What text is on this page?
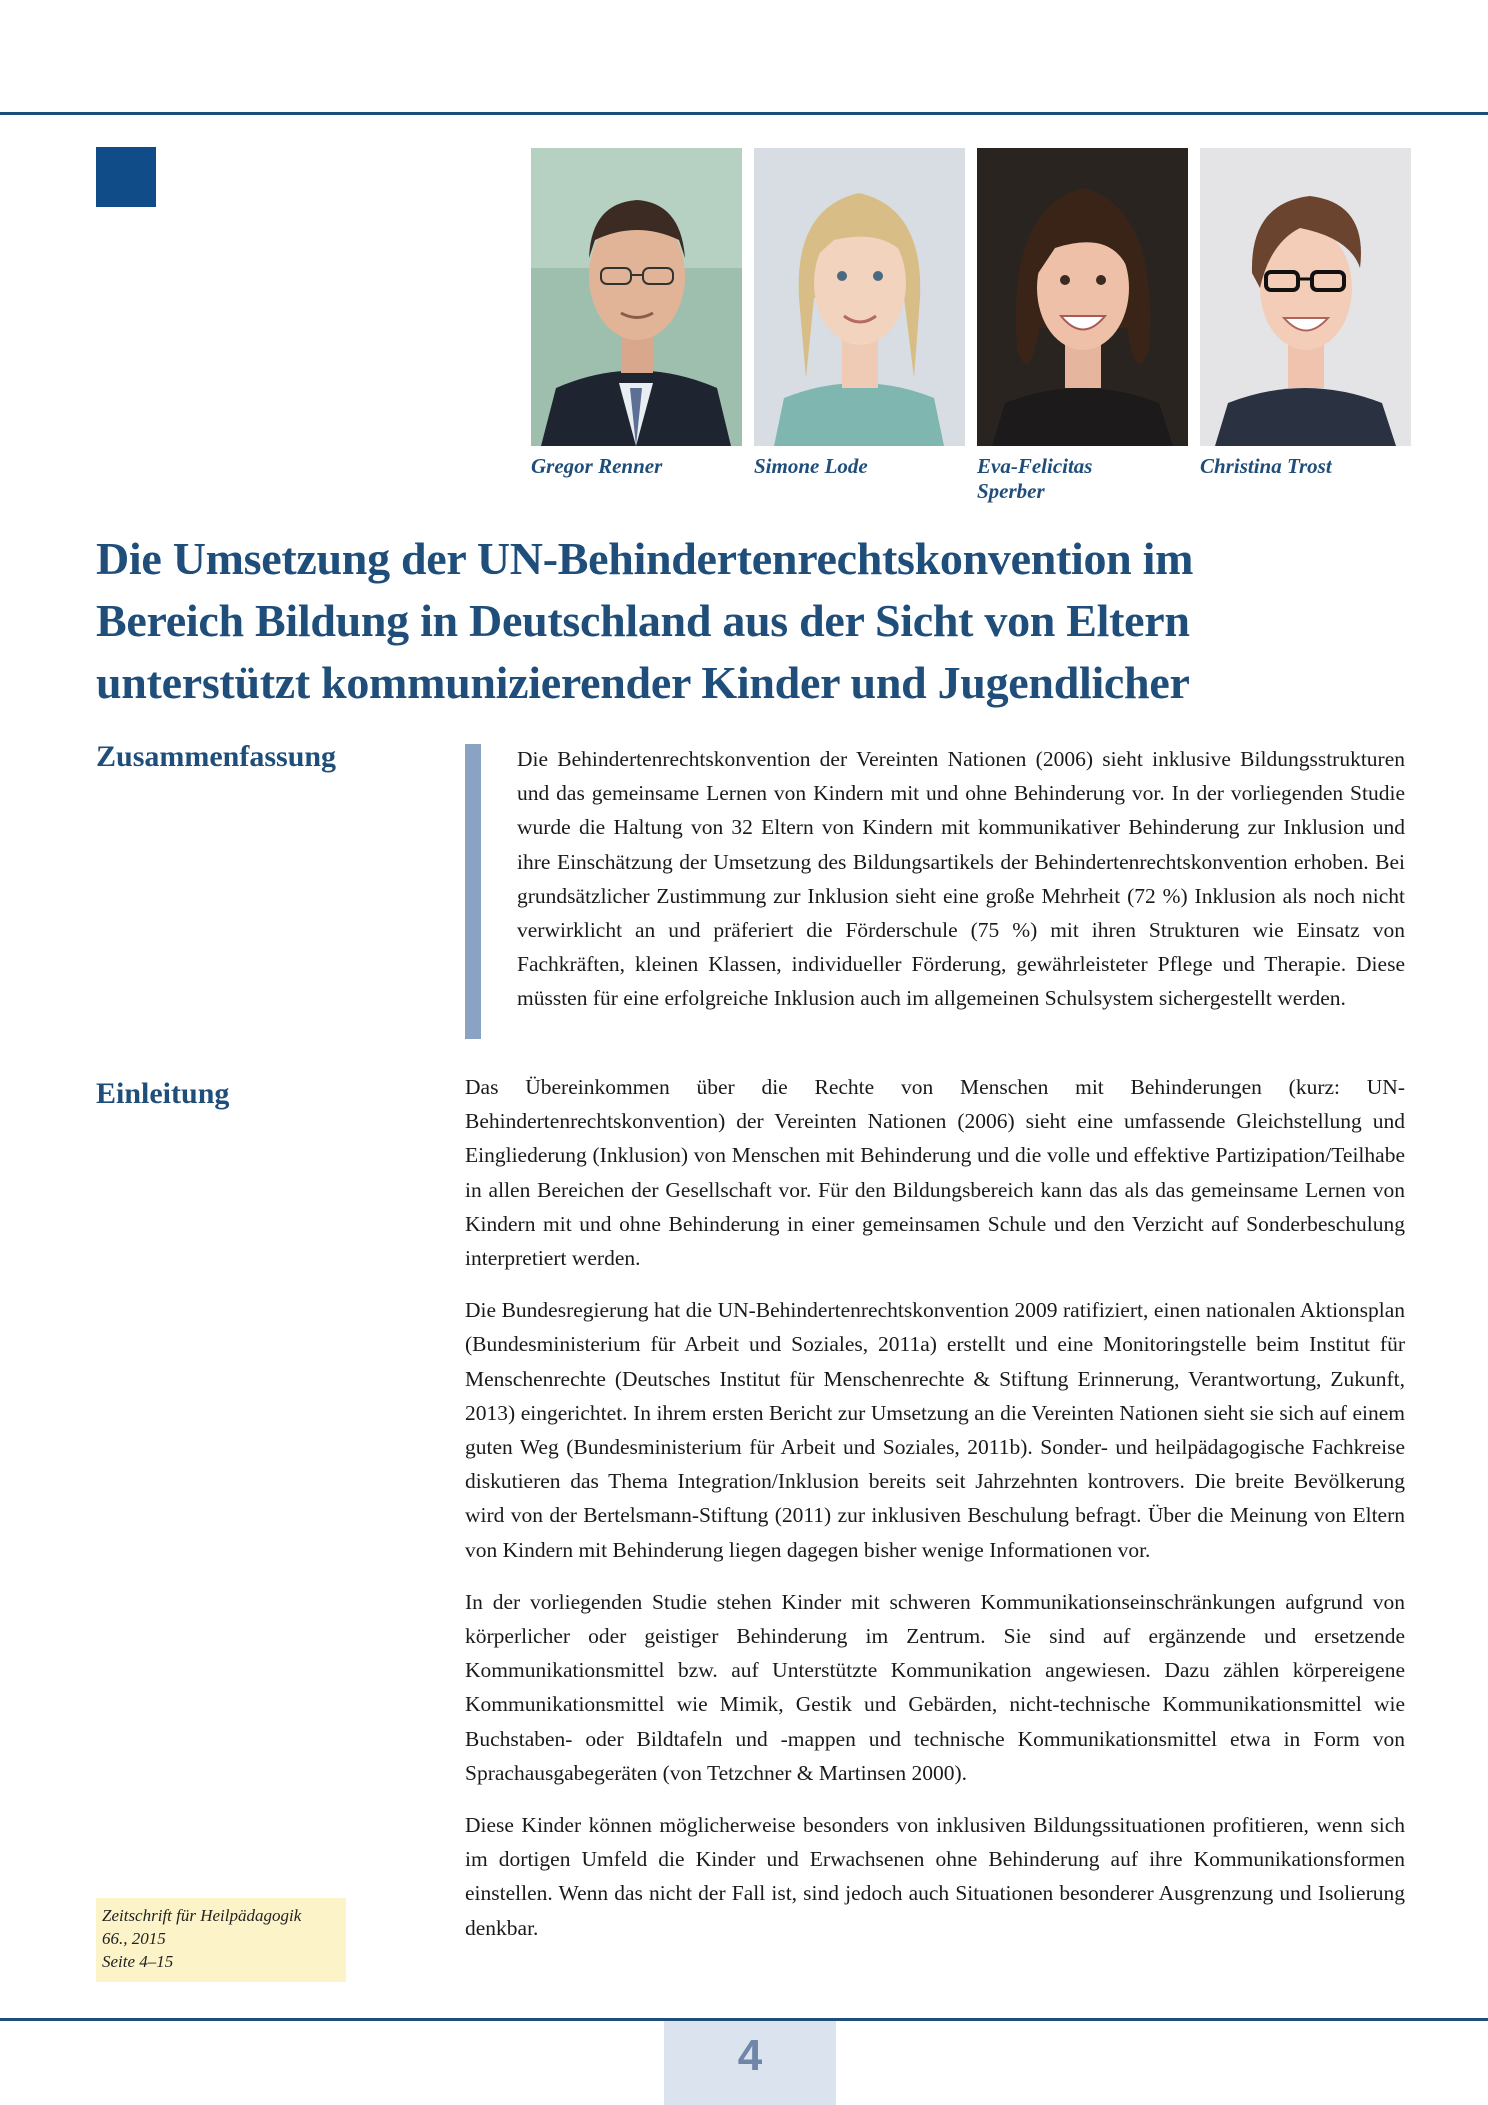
Gregor Renner	Simone Lode	Eva-Felicitas
Sperber
Christina Trost
Die Umsetzung der UN-Behindertenrechtskonvention im
Bereich Bildung in Deutschland aus der Sicht von Eltern
unterstützt kommunizierender Kinder und Jugendlicher
Zusammenfassung	Die Behindertenrechtskonvention der Vereinten Nationen (2006) sieht inklusive Bildungsstrukturen und das gemeinsame Lernen von Kindern mit und ohne Behinderung vor. In der vorliegenden Studie wurde die Haltung von 32 Eltern von Kindern mit kommunikativer Behinderung zur Inklusion und ihre Einschätzung der Umsetzung des Bildungsartikels der Behindertenrechtskonvention erhoben. Bei grundsätzlicher Zustimmung zur Inklusion sieht eine große Mehrheit (72 %) Inklusion als noch nicht verwirklicht an und präferiert die Förderschule (75 %) mit ihren Strukturen wie Einsatz von Fachkräften, kleinen Klassen, individueller Förderung, gewährleisteter Pflege und Therapie. Diese müssten für eine erfolgreiche Inklusion auch im allgemeinen Schulsystem sichergestellt werden.

Einleitung	Das Übereinkommen über die Rechte von Menschen mit Behinderungen (kurz: UN-Behindertenrechtskonvention) der Vereinten Nationen (2006) sieht eine umfassende Gleichstellung und Eingliederung (Inklusion) von Menschen mit Behinderung und die volle und effektive Partizipation/Teilhabe in allen Bereichen der Gesellschaft vor. Für den Bildungsbereich kann das als das gemeinsame Lernen von Kindern mit und ohne Behinderung in einer gemeinsamen Schule und den Verzicht auf Sonderbeschulung interpretiert werden.

Die Bundesregierung hat die UN-Behindertenrechtskonvention 2009 ratifiziert, einen nationalen Aktionsplan (Bundesministerium für Arbeit und Soziales, 2011a) erstellt und eine Monitoringstelle beim Institut für Menschenrechte (Deutsches Institut für Menschenrechte & Stiftung Erinnerung, Verantwortung, Zukunft, 2013) eingerichtet. In ihrem ersten Bericht zur Umsetzung an die Vereinten Nationen sieht sie sich auf einem guten Weg (Bundesministerium für Arbeit und Soziales, 2011b). Sonder- und heilpädagogische Fachkreise diskutieren das Thema Integration/Inklusion bereits seit Jahrzehnten kontrovers. Die breite Bevölkerung wird von der Bertelsmann-Stiftung (2011) zur inklusiven Beschulung befragt. Über die Meinung von Eltern von Kindern mit Behinderung liegen dagegen bisher wenige Informationen vor.

In der vorliegenden Studie stehen Kinder mit schweren Kommunikationseinschränkungen aufgrund von körperlicher oder geistiger Behinderung im Zentrum. Sie sind auf ergänzende und ersetzende Kommunikationsmittel bzw. auf Unterstützte Kommunikation angewiesen. Dazu zählen körpereigene Kommunikationsmittel wie Mimik, Gestik und Gebärden, nicht-technische Kommunikationsmittel wie Buchstaben- oder Bildtafeln und -mappen und technische Kommunikationsmittel etwa in Form von Sprachausgabegeräten (von Tetzchner & Martinsen 2000).

Diese Kinder können möglicherweise besonders von inklusiven Bildungssituationen profitieren, wenn sich im dortigen Umfeld die Kinder und Erwachsenen ohne Behinderung auf ihre Kommunikationsformen einstellen. Wenn das nicht der Fall ist, sind jedoch auch Situationen besonderer Ausgrenzung und Isolierung denkbar.

Zeitschrift für Heilpädagogik
66., 2015
Seite 4–15
4
